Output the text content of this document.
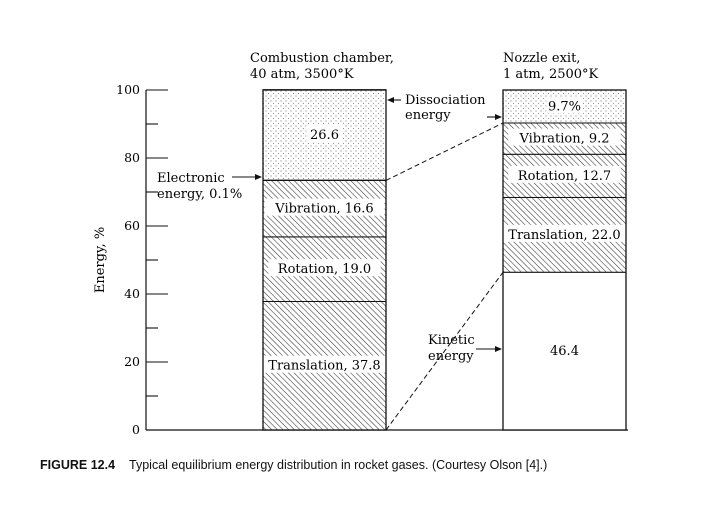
0
20
40
60
80
100
Translation, 37.8
Rotation, 19.0
Vibration, 16.6
26.6
46.4
Translation, 22.0
Rotation, 12.7
Vibration, 9.2
9.7%
Combustion chamber,
40 atm, 3500°K
Nozzle exit,
1 atm, 2500°K
Energy, %
Electronic
energy, 0.1%
Dissociation
energy
Kinetic
energy
FIGURE 12.4 Typical equilibrium energy distribution in rocket gases. (Courtesy Olson [4].)
